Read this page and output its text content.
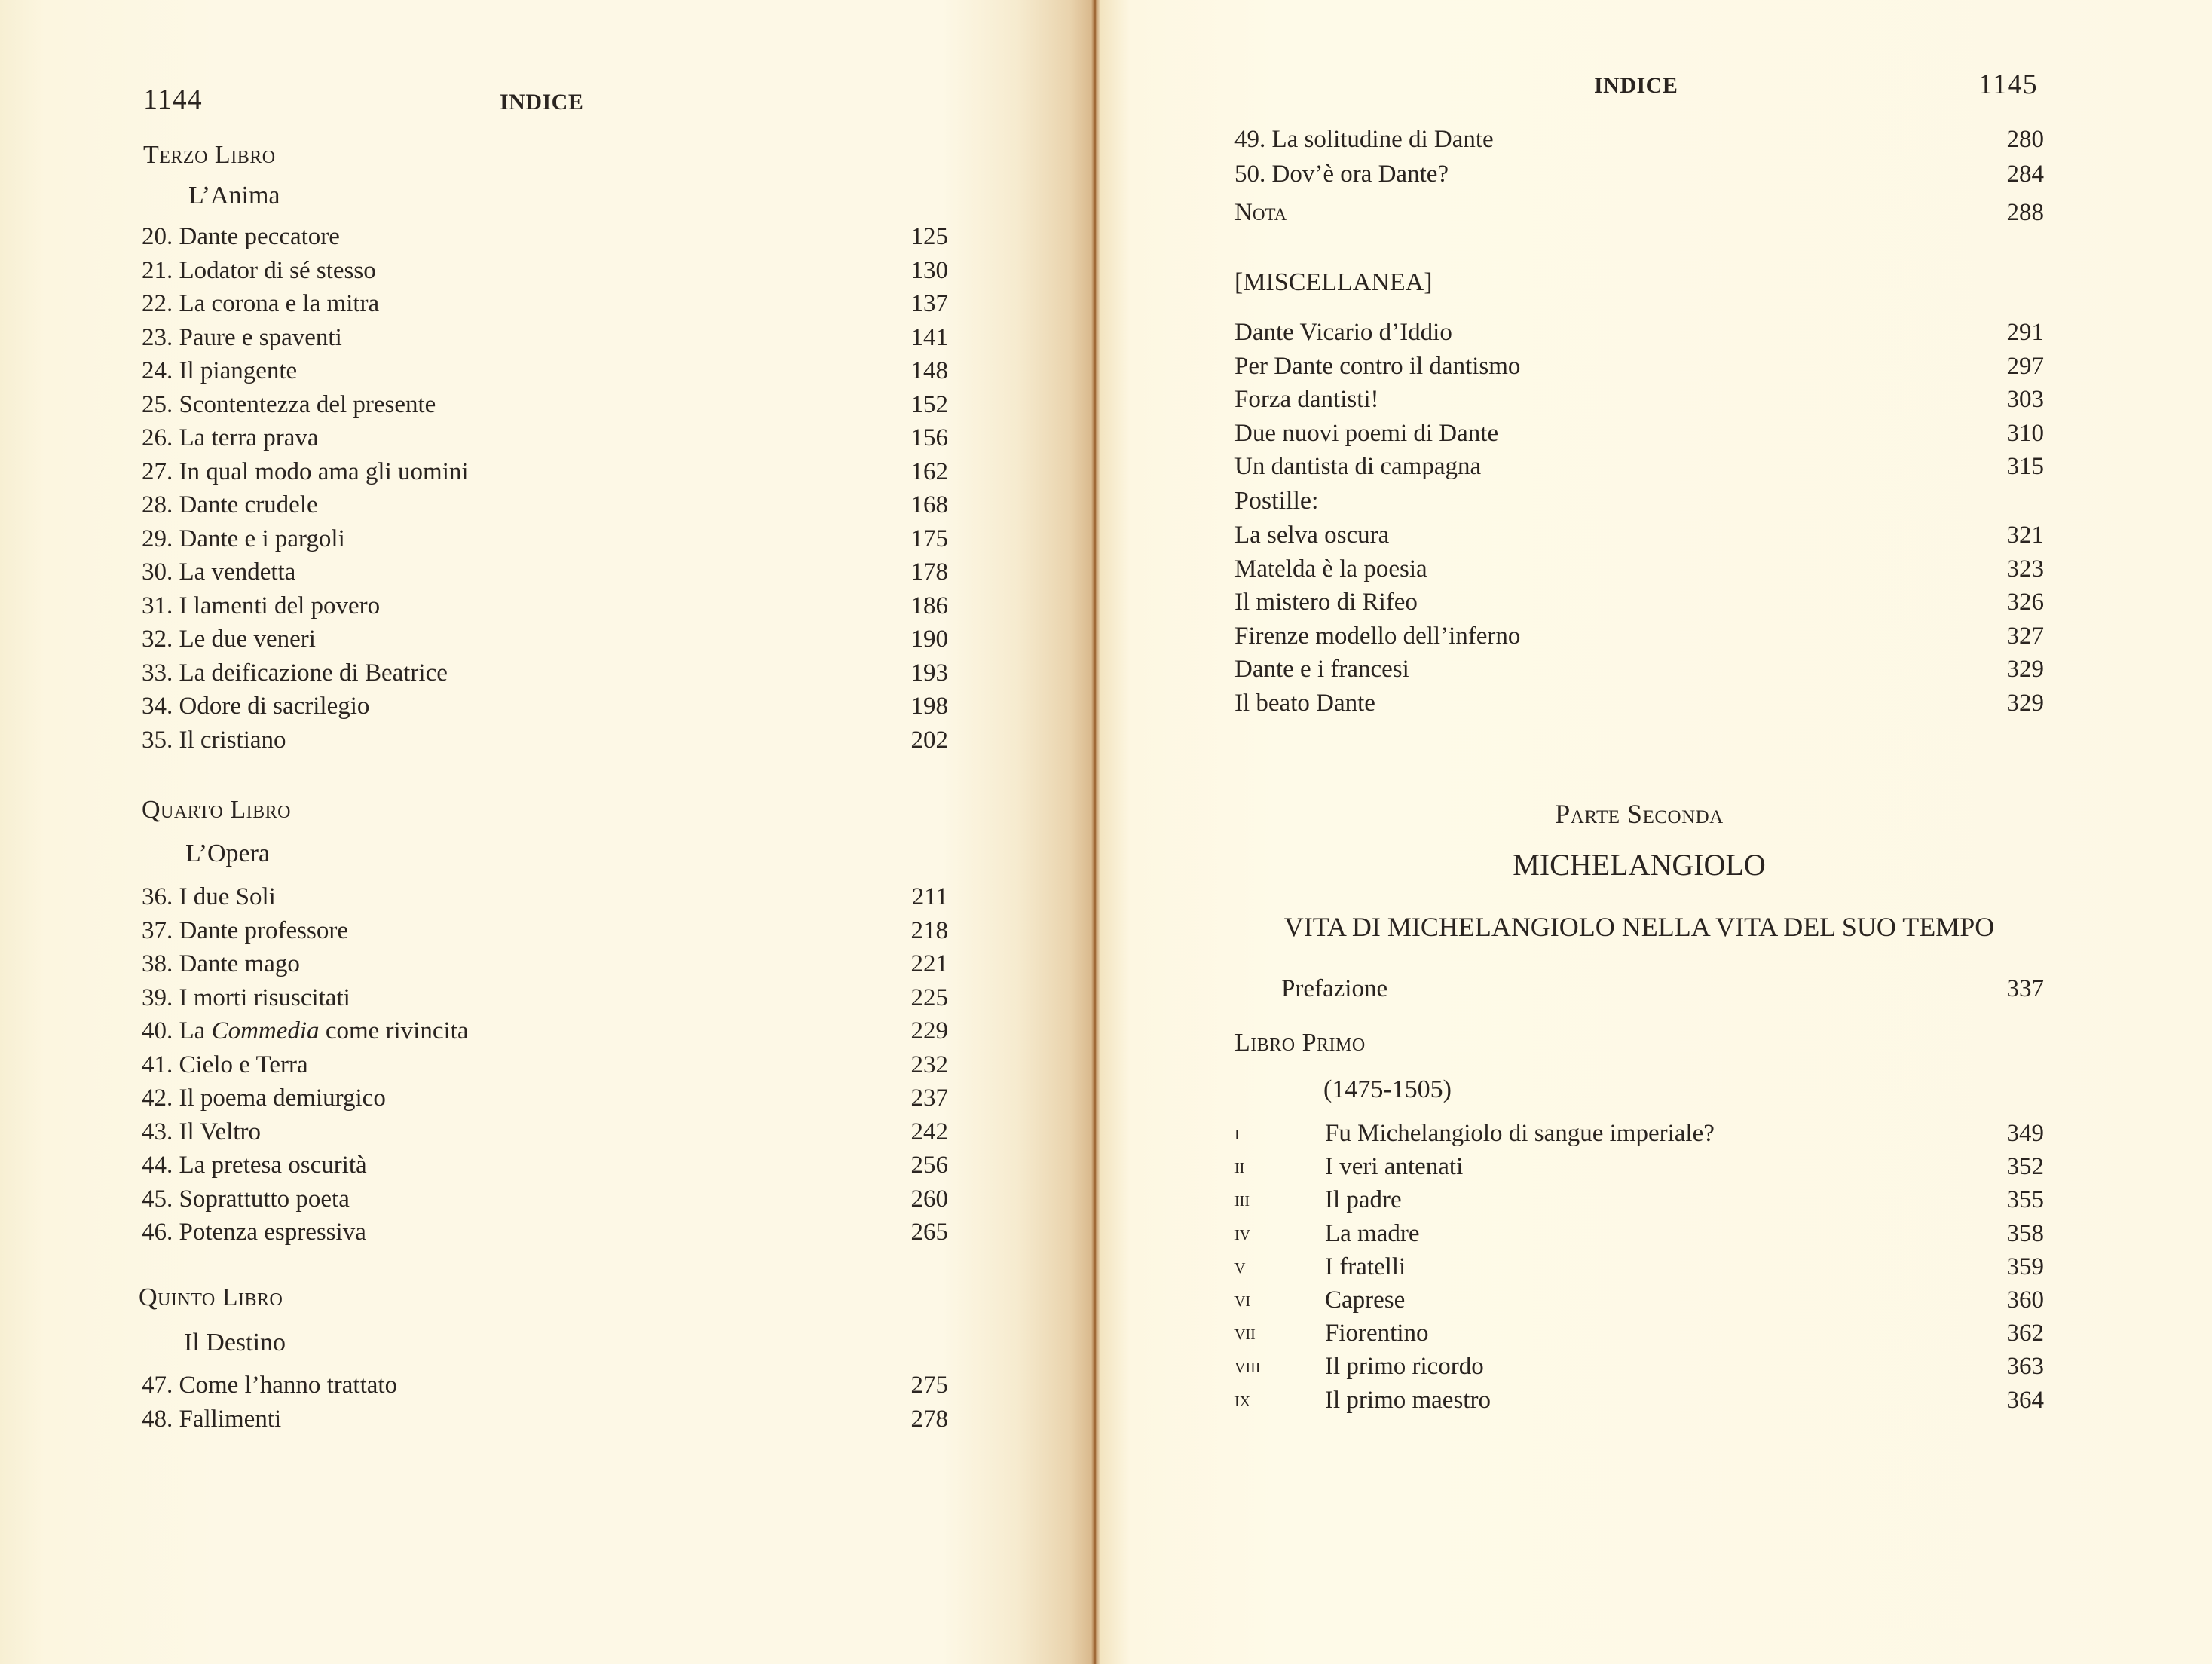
1144	INDICE
Terzo Libro
L’Anima
20. Dante peccatore	125
21. Lodator di sé stesso	130
22. La corona e la mitra	137
23. Paure e spaventi	141
24. Il piangente	148
25. Scontentezza del presente	152
26. La terra prava	156
27. In qual modo ama gli uomini	162
28. Dante crudele	168
29. Dante e i pargoli	175
30. La vendetta	178
31. I lamenti del povero	186
32. Le due veneri	190
33. La deificazione di Beatrice	193
34. Odore di sacrilegio	198
35. Il cristiano	202
Quarto Libro
L’Opera
36. I due Soli	211
37. Dante professore	218
38. Dante mago	221
39. I morti risuscitati	225
40. La Commedia come rivincita	229
41. Cielo e Terra	232
42. Il poema demiurgico	237
43. Il Veltro	242
44. La pretesa oscurità	256
45. Soprattutto poeta	260
46. Potenza espressiva	265
Quinto Libro
Il Destino
47. Come l’hanno trattato	275
48. Fallimenti	278
INDICE	1145
49. La solitudine di Dante	280
50. Dov’è ora Dante?	284
Nota	288
Dante Vicario d’Iddio	291
Per Dante contro il dantismo	297
Forza dantisti!	303
Due nuovi poemi di Dante	310
Un dantista di campagna	315
La selva oscura	321
Matelda è la poesia	323
Il mistero di Rifeo	326
Firenze modello dell’inferno	327
Dante e i francesi	329
Il beato Dante	329
Prefazione	337
i	Fu Michelangiolo di sangue imperiale?	349
ii	I veri antenati	352
iii	Il padre	355
iv	La madre	358
v	I fratelli	359
vi	Caprese	360
vii	Fiorentino	362
viii	Il primo ricordo	363
ix	Il primo maestro	364
[MISCELLANEA]
Postille:
Parte Seconda
MICHELANGIOLO
VITA DI MICHELANGIOLO NELLA VITA DEL SUO TEMPO
Libro Primo
(1475-1505)
